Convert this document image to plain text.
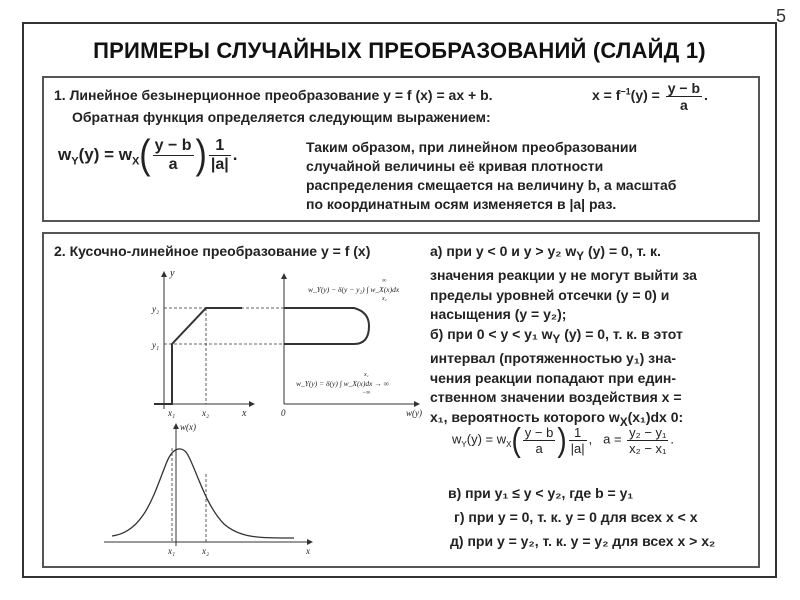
5
ПРИМЕРЫ СЛУЧАЙНЫХ ПРЕОБРАЗОВАНИЙ (СЛАЙД 1)
1. Линейное безынерционное преобразование y = f (x) = ax + b.	$x = f^{-1}(y) = \frac{y - b}{a}$ .
Обратная функция определяется следующим выражением:
$w_Y(y) = w_X( \frac{y - b}{a}$ ) $\frac{1}{|a|}$ .	Таким образом, при линейном преобразовании
случайной величины её кривая плотности
распределения смещается на величину b, а масштаб
по координатным осям изменяется в |a| раз.
2. Кусочно-линейное преобразование y = f (x)
y
x
y₂
y₁
x₁	x₂	w(y)
0
w_Y(y) − δ(y − y₂) ∫ w_X(x)dx
∞
x₂
w_Y(y) = δ(y) ∫ w_X(x)dx → ∞
x₁
−∞
w(x)
x
x₁	x₂
а) при y < 0 и y > y₂ $w_Y$ (y) = 0, т. к.
значения реакции y не могут выйти за
пределы уровней отсечки (y = 0) и
насыщения (y = y₂);
б) при 0 < y < y₁ $w_Y$ (y) = 0, т. к. в этот
интервал (протяженностью y₁) зна-
чения реакции попадают при един-
ственном значении воздействия x =
x₁, вероятность которого $w_X(x_1)dx$ 0:
$w_Y(y) = w_X( \frac{y - b}{a}$ ) $\frac{1}{|a|}$ , $a = \frac{\text{y₂ − y₁}}{\text{x₂ − x₁}}$ .
в) при y₁ ≤ y < y₂, где b = y₁
г) при y = 0, т. к. y = 0 для всех x < x
д) при y = y₂, т. к. y = y₂ для всех x > x₂
